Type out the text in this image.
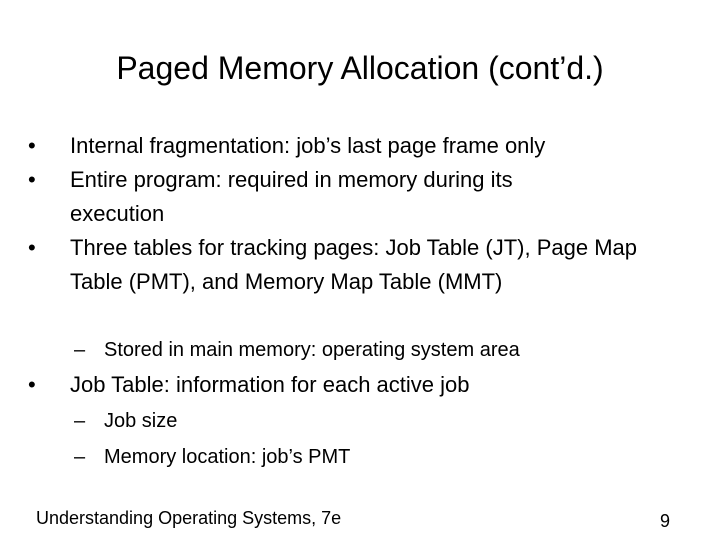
Paged Memory Allocation (cont’d.)
•	Internal fragmentation: job’s last page frame only
•	Entire program: required in memory during its execution
•	Three tables for tracking pages: Job Table (JT), Page Map Table (PMT), and Memory Map Table (MMT)
– Stored in main memory: operating system area
•	Job Table: information for each active job
– Job size
– Memory location: job’s PMT
Understanding Operating Systems, 7e	9
